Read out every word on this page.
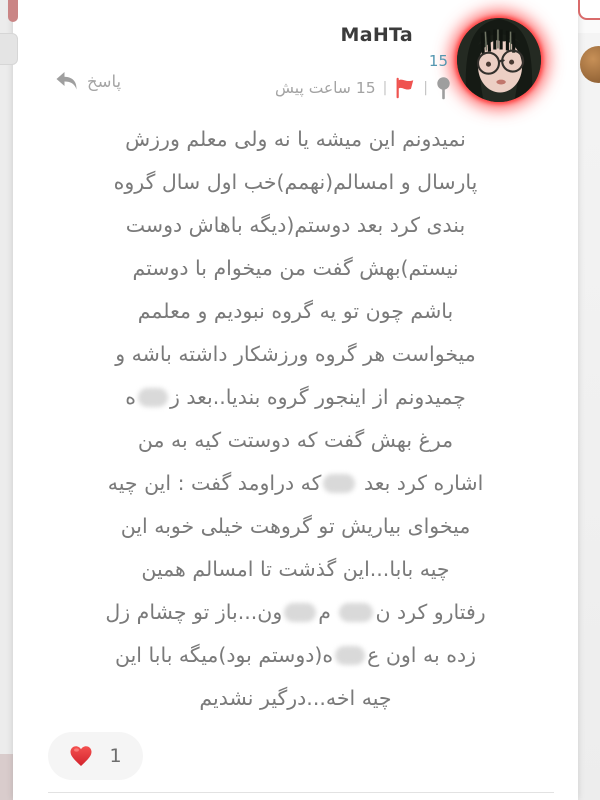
MaHTa
15
|
|
15 ساعت پیش
پاسخ
نمیدونم این میشه یا نه ولی معلم ورزش
پارسال و امسالم(نهمم)خب اول سال گروه
بندی کرد بعد دوستم(دیگه باهاش دوست
نیستم)بهش گفت من میخوام با دوستم
باشم چون تو یه گروه نبودیم و معلمم
میخواست هر گروه ورزشکار داشته باشه و
چمیدونم از اینجور گروه بندیا..بعد زه
مرغ بهش گفت که دوستت کیه به من
اشاره کرد بعد که دراومد گفت : این چیه
میخوای بیاریش تو گروهت خیلی خوبه این
چیه بابا...این گذشت تا امسالم همین
رفتارو کرد ن مون...باز تو چشام زل
زده به اون عه(دوستم بود)میگه بابا این
چیه اخه...درگیر نشدیم
1
